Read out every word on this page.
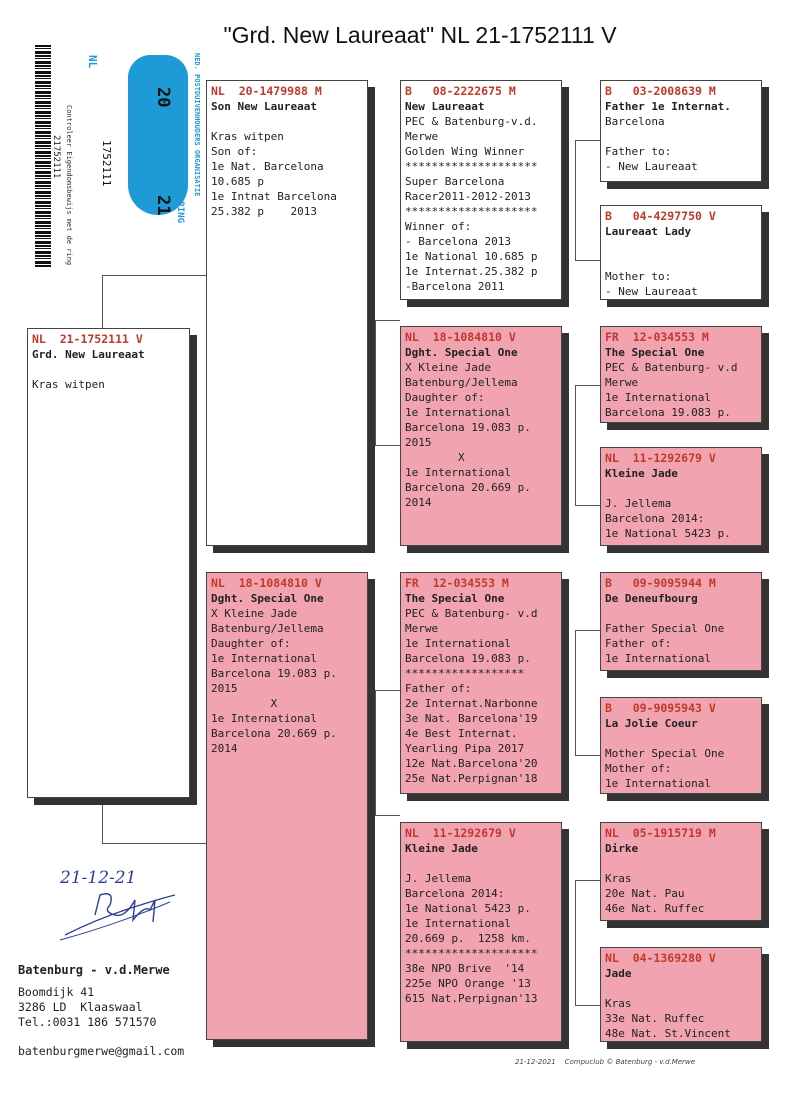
"Grd. New Laureaat" NL 21-1752111 V
Controleer Eigendomsbewijs met de ring
21752111
NL
1752111	EIGENDOMSBEWIJS v/D RING NED. POSTDUIVENHOUDERS ORGANISATIE
20
21
NL  21-1752111 V
Grd. New Laureaat
Kras witpen
NL  20-1479988 M
Son New Laureaat
Kras witpen
Son of:
1e Nat. Barcelona
10.685 p
1e Intnat Barcelona
25.382 p    2013
NL  18-1084810 V
Dght. Special One
X Kleine Jade
Batenburg/Jellema
Daughter of:
1e International
Barcelona 19.083 p.
2015
X
1e International
Barcelona 20.669 p.
2014
B   08-2222675 M
New Laureaat
PEC & Batenburg-v.d.
Merwe
Golden Wing Winner
********************
Super Barcelona
Racer2011-2012-2013
********************
Winner of:
- Barcelona 2013
1e National 10.685 p
1e Internat.25.382 p
-Barcelona 2011
NL  18-1084810 V
Dght. Special One
X Kleine Jade
Batenburg/Jellema
Daughter of:
1e International
Barcelona 19.083 p.
2015
X
1e International
Barcelona 20.669 p.
2014
FR  12-034553 M
The Special One
PEC & Batenburg- v.d
Merwe
1e International
Barcelona 19.083 p.
******************
Father of:
2e Internat.Narbonne
3e Nat. Barcelona'19
4e Best Internat.
Yearling Pipa 2017
12e Nat.Barcelona'20
25e Nat.Perpignan'18
NL  11-1292679 V
Kleine Jade
J. Jellema
Barcelona 2014:
1e National 5423 p.
1e International
20.669 p.  1258 km.
********************
38e NPO Brive  '14
225e NPO Orange '13
615 Nat.Perpignan'13
B   03-2008639 M
Father 1e Internat.
Barcelona
Father to:
- New Laureaat
B   04-4297750 V
Laureaat Lady
Mother to:
- New Laureaat
FR  12-034553 M
The Special One
PEC & Batenburg- v.d
Merwe
1e International
Barcelona 19.083 p.
NL  11-1292679 V
Kleine Jade
J. Jellema
Barcelona 2014:
1e National 5423 p.
B   09-9095944 M
De Deneufbourg
Father Special One
Father of:
1e International
B   09-9095943 V
La Jolie Coeur
Mother Special One
Mother of:
1e International
NL  05-1915719 M
Dirke
Kras
20e Nat. Pau
46e Nat. Ruffec
NL  04-1369280 V
Jade
Kras
33e Nat. Ruffec
48e Nat. St.Vincent
21-12-21
Batenburg - v.d.Merwe
Boomdijk 41
3286 LD  Klaaswaal
Tel.:0031 186 571570
batenburgmerwe@gmail.com
21-12-2021    Compuclub © Batenburg - v.d.Merwe
